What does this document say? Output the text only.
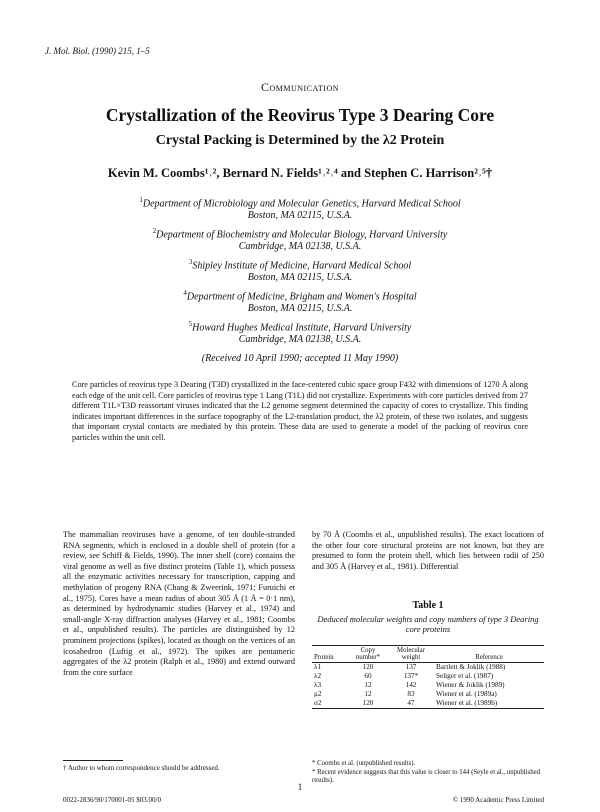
J. Mol. Biol. (1990) 215, 1–5
Communication
Crystallization of the Reovirus Type 3 Dearing Core
Crystal Packing is Determined by the λ2 Protein
Kevin M. Coombs¹˒², Bernard N. Fields¹˒²˒⁴ and Stephen C. Harrison²˒⁵†
$^1$Department of Microbiology and Molecular Genetics, Harvard Medical School
Boston, MA 02115, U.S.A.
$^2$Department of Biochemistry and Molecular Biology, Harvard University
Cambridge, MA 02138, U.S.A.
$^3$Shipley Institute of Medicine, Harvard Medical School
Boston, MA 02115, U.S.A.
$^4$Department of Medicine, Brigham and Women's Hospital
Boston, MA 02115, U.S.A.
$^5$Howard Hughes Medical Institute, Harvard University
Cambridge, MA 02138, U.S.A.
(Received 10 April 1990; accepted 11 May 1990)
Core particles of reovirus type 3 Dearing (T3D) crystallized in the face-centered cubic space group F432 with dimensions of 1270 Å along each edge of the unit cell. Core particles of reovirus type 1 Lang (T1L) did not crystallize. Experiments with core particles derived from 27 different T1L×T3D reassortant viruses indicated that the L2 genome segment determined the capacity of cores to crystallize. This finding indicates important differences in the surface topography of the L2-translation product, the λ2 protein, of these two isolates, and suggests that important crystal contacts are mediated by this protein. These data are used to generate a model of the packing of reovirus core particles within the unit cell.
The mammalian reoviruses have a genome, of ten double-stranded RNA segments, which is enclosed in a double shell of protein (for a review, see Schiff & Fields, 1990). The inner shell (core) contains the viral genome as well as five distinct proteins (Table 1), which possess all the enzymatic activities necessary for transcription, capping and methylation of progeny RNA (Chang & Zweerink, 1971; Furuichi et al., 1975). Cores have a mean radius of about 305 Å (1 Å = 0·1 nm), as determined by hydrodynamic studies (Harvey et al., 1974) and small-angle X-ray diffraction analyses (Harvey et al., 1981; Coombs et al., unpublished results). The particles are distinguished by 12 prominent projections (spikes), located as though on the vertices of an icosahedron (Luftig et al., 1972). The spikes are pentameric aggregates of the λ2 protein (Ralph et al., 1980) and extend outward from the core surface
by 70 Å (Coombs et al., unpublished results). The exact locations of the other four core structural proteins are not known, but they are presumed to form the protein shell, which lies between radii of 250 and 305 Å (Harvey et al., 1981). Differential
Table 1
Deduced molecular weights and copy numbers of type 3 Dearing core proteins
Protein	Copy number*	Molecular weight	Reference
λ1	120	137	Bartlett & Joklik (1988)
λ2	60	137*	Seliger et al. (1987)
λ3	12	142	Wiener & Joklik (1989)
μ2	12	83	Wiener et al. (1989a)
σ2	120	47	Wiener et al. (1989b)
* Coombs et al. (unpublished results).
* Recent evidence suggests that this value is closer to 144 (Seyle et al., unpublished results).
† Author to whom correspondence should be addressed.
1
0022-2836/90/170001-05 $03.00/0	© 1990 Academic Press Limited
